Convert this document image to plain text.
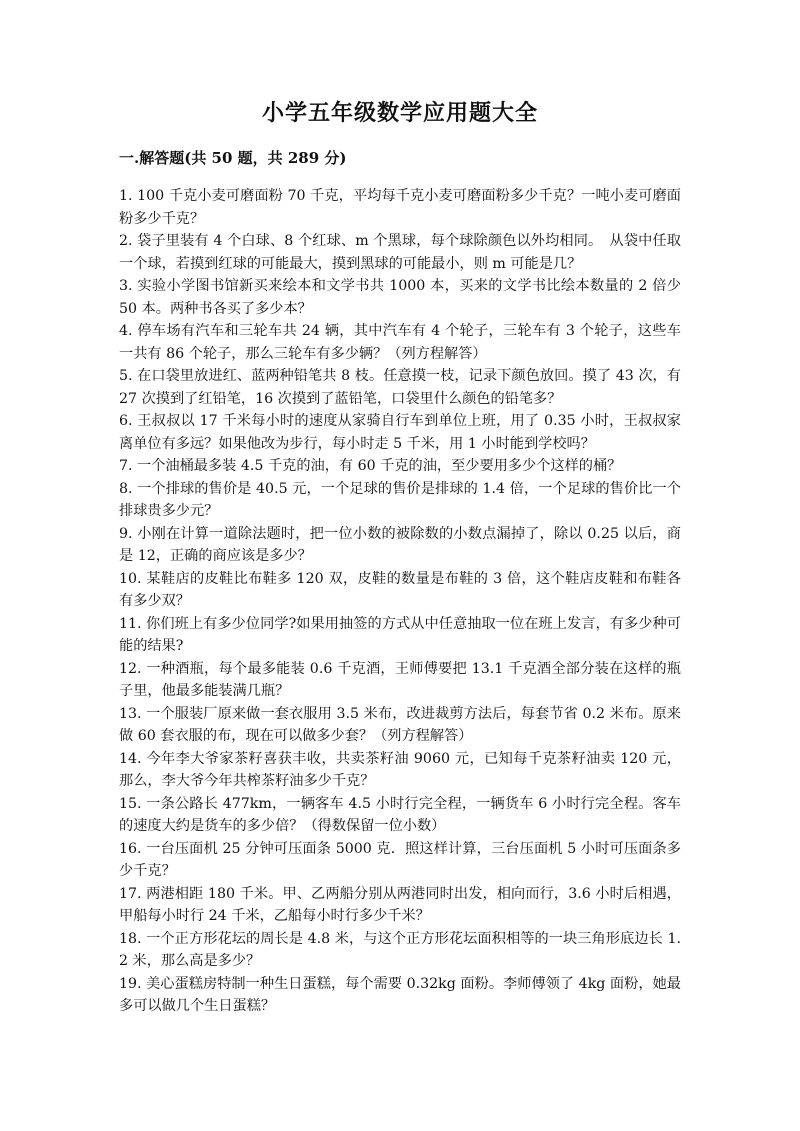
小学五年级数学应用题大全
一.解答题(共 50 题，共 289 分)
1. 100 千克小麦可磨面粉 70 千克，平均每千克小麦可磨面粉多少千克？一吨小麦可磨面粉多少千克？
2. 袋子里装有 4 个白球、8 个红球、m 个黑球，每个球除颜色以外均相同。　从袋中任取一个球，若摸到红球的可能最大，摸到黑球的可能最小，则 m 可能是几？
3. 实验小学图书馆新买来绘本和文学书共 1000 本，买来的文学书比绘本数量的 2 倍少 50 本。两种书各买了多少本？
4. 停车场有汽车和三轮车共 24 辆，其中汽车有 4 个轮子，三轮车有 3 个轮子，这些车一共有 86 个轮子，那么三轮车有多少辆？（列方程解答）
5. 在口袋里放进红、蓝两种铅笔共 8 枝。任意摸一枝，记录下颜色放回。摸了 43 次，有 27 次摸到了红铅笔，16 次摸到了蓝铅笔，口袋里什么颜色的铅笔多？
6. 王叔叔以 17 千米每小时的速度从家骑自行车到单位上班，用了 0.35 小时，王叔叔家离单位有多远？如果他改为步行，每小时走 5 千米，用 1 小时能到学校吗？
7. 一个油桶最多装 4.5 千克的油，有 60 千克的油，至少要用多少个这样的桶？
8. 一个排球的售价是 40.5 元，一个足球的售价是排球的 1.4 倍，一个足球的售价比一个排球贵多少元？
9. 小刚在计算一道除法题时，把一位小数的被除数的小数点漏掉了，除以 0.25 以后，商是 12，正确的商应该是多少？
10. 某鞋店的皮鞋比布鞋多 120 双，皮鞋的数量是布鞋的 3 倍，这个鞋店皮鞋和布鞋各有多少双？
11. 你们班上有多少位同学?如果用抽签的方式从中任意抽取一位在班上发言，有多少种可能的结果?
12. 一种酒瓶，每个最多能装 0.6 千克酒，王师傅要把 13.1 千克酒全部分装在这样的瓶子里，他最多能装满几瓶？
13. 一个服装厂原来做一套衣服用 3.5 米布，改进裁剪方法后，每套节省 0.2 米布。原来做 60 套衣服的布，现在可以做多少套？（列方程解答）
14. 今年李大爷家茶籽喜获丰收，共卖茶籽油 9060 元，已知每千克茶籽油卖 120 元，那么，李大爷今年共榨茶籽油多少千克？
15. 一条公路长 477km，一辆客车 4.5 小时行完全程，一辆货车 6 小时行完全程。客车的速度大约是货车的多少倍？（得数保留一位小数）
16. 一台压面机 25 分钟可压面条 5000 克．照这样计算，三台压面机 5 小时可压面条多少千克？
17. 两港相距 180 千米。甲、乙两船分别从两港同时出发，相向而行，3.6 小时后相遇，甲船每小时行 24 千米，乙船每小时行多少千米？
18. 一个正方形花坛的周长是 4.8 米，与这个正方形花坛面积相等的一块三角形底边长 1.2 米，那么高是多少？
19. 美心蛋糕房特制一种生日蛋糕，每个需要 0.32kg 面粉。李师傅领了 4kg 面粉，她最多可以做几个生日蛋糕？
